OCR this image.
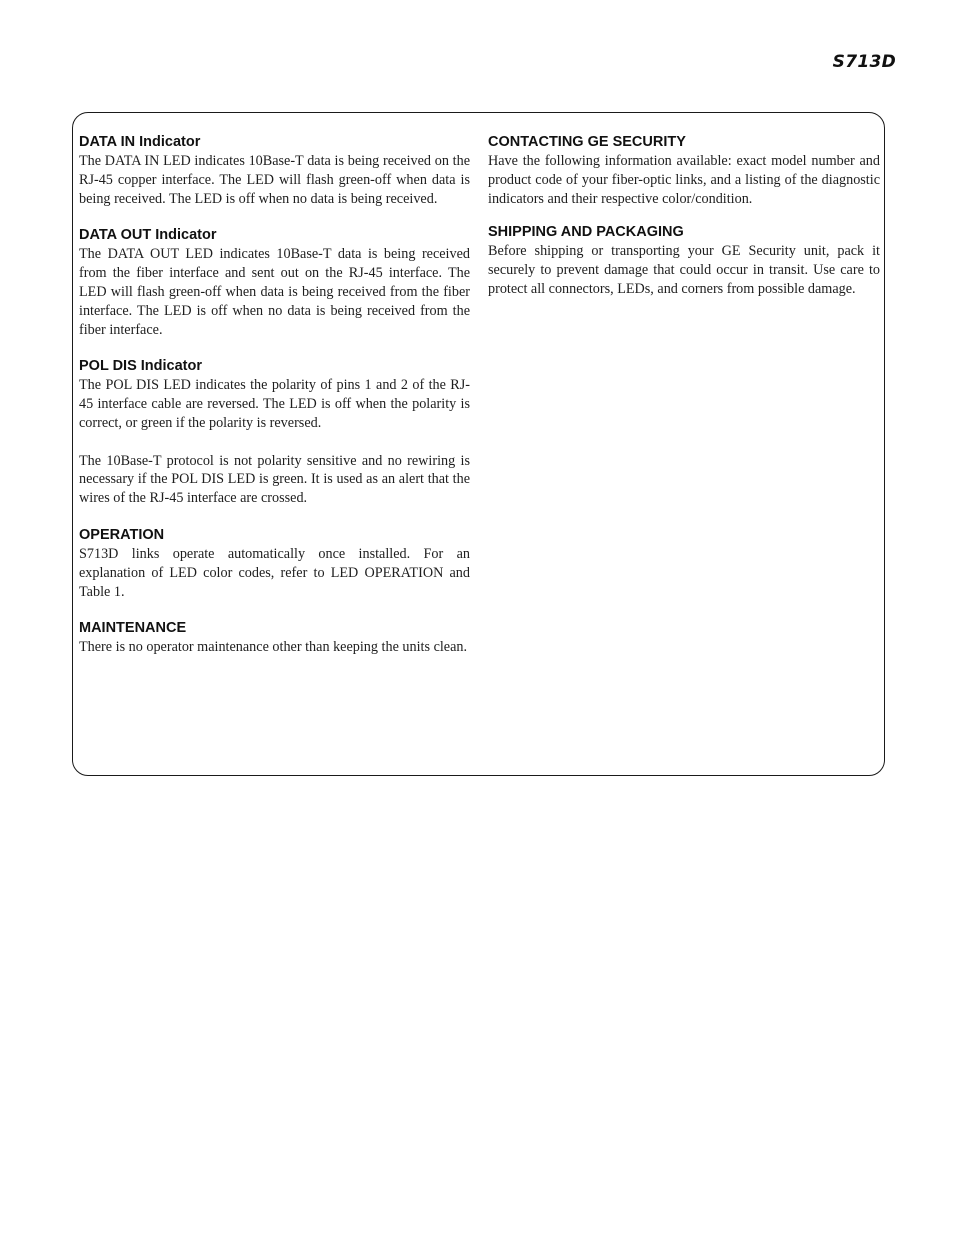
S713D
DATA IN Indicator

The DATA IN LED indicates 10Base-T data is being received on the RJ-45 copper interface. The LED will flash green-off when data is being received. The LED is off when no data is being received.

DATA OUT Indicator

The DATA OUT LED indicates 10Base-T data is being received from the fiber interface and sent out on the RJ-45 interface. The LED will flash green-off when data is being received from the fiber interface. The LED is off when no data is being received from the fiber interface.

POL DIS Indicator

The POL DIS LED indicates the polarity of pins 1 and 2 of the RJ-45 interface cable are reversed. The LED is off when the polarity is correct, or green if the polarity is reversed.

The 10Base-T protocol is not polarity sensitive and no rewiring is necessary if the POL DIS LED is green. It is used as an alert that the wires of the RJ-45 interface are crossed.

OPERATION

S713D links operate automatically once installed. For an explanation of LED color codes, refer to LED OPERATION and Table 1.

MAINTENANCE

There is no operator maintenance other than keeping the units clean.

CONTACTING GE SECURITY

Have the following information available: exact model number and product code of your fiber-optic links, and a listing of the diagnostic indicators and their respective color/condition.

SHIPPING AND PACKAGING

Before shipping or transporting your GE Security unit, pack it securely to prevent damage that could occur in transit. Use care to protect all connectors, LEDs, and corners from possible damage.
